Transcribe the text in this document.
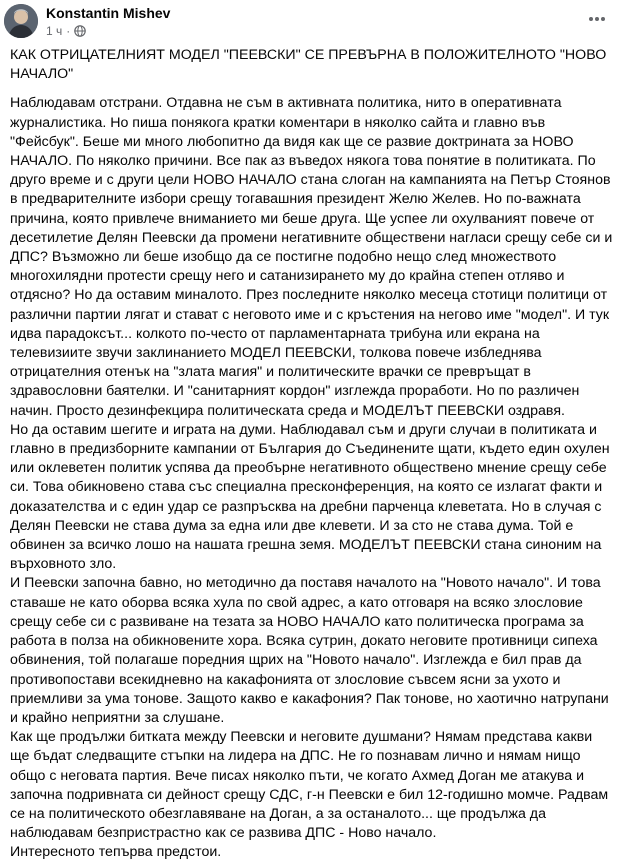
Konstantin Mishev
1 ч ·

КАК ОТРИЦАТЕЛНИЯТ МОДЕЛ "ПЕЕВСКИ" СЕ ПРЕВЪРНА В ПОЛОЖИТЕЛНОТО "НОВО НАЧАЛО"

Наблюдавам отстрани. Отдавна не съм в активната политика, нито в оперативната журналистика. Но пиша понякога кратки коментари в няколко сайта и главно във "Фейсбук". Беше ми много любопитно да видя как ще се развие доктрината за НОВО НАЧАЛО. По няколко причини. Все пак аз въведох някога това понятие в политиката. По друго време и с други цели НОВО НАЧАЛО стана слоган на кампанията на Петър Стоянов в предварителните избори срещу тогавашния президент Желю Желев. Но по-важната причина, която привлече вниманието ми беше друга. Ще успее ли охулваният повече от десетилетие Делян Пеевски да промени негативните обществени нагласи срещу себе си и ДПС? Възможно ли беше изобщо да се постигне подобно нещо след множеството многохилядни протести срещу него и сатанизирането му до крайна степен отляво и отдясно? Но да оставим миналото. През последните няколко месеца стотици политици от различни партии лягат и стават с неговото име и с кръстения на негово име "модел". И тук идва парадоксът... колкото по-често от парламентарната трибуна или екрана на телевизиите звучи заклинанието МОДЕЛ ПЕЕВСКИ, толкова повече избледнява отрицателния отенък на "злата магия" и политическите врачки се превръщат в здравословни баятелки. И "санитарният кордон" изглежда проработи. Но по различен начин. Просто дезинфекцира политическата среда и МОДЕЛЪТ ПЕЕВСКИ оздравя.

Но да оставим шегите и играта на думи. Наблюдавал съм и други случаи в политиката и главно в предизборните кампании от България до Съединените щати, където един охулен или оклеветен политик успява да преобърне негативното обществено мнение срещу себе си. Това обикновено става със специална пресконференция, на която се излагат факти и доказателства и с един удар се разпръсква на дребни парченца клеветата. Но в случая с Делян Пеевски не става дума за една или две клевети. И за сто не става дума. Той е обвинен за всичко лошо на нашата грешна земя. МОДЕЛЪТ ПЕЕВСКИ стана синоним на върховното зло.

И Пеевски започна бавно, но методично да поставя началото на "Новото начало". И това ставаше не като оборва всяка хула по свой адрес, а като отговаря на всяко злословие срещу себе си с развиване на тезата за НОВО НАЧАЛО като политическа програма за работа в полза на обикновените хора. Всяка сутрин, докато неговите противници сипеха обвинения, той полагаше поредния щрих на "Новото начало". Изглежда е бил прав да противопостави всекидневно на какафонията от злословие съвсем ясни за ухото и приемливи за ума тонове. Защото какво е какафония? Пак тонове, но хаотично натрупани и крайно неприятни за слушане.

Как ще продължи битката между Пеевски и неговите душмани? Нямам представа какви ще бъдат следващите стъпки на лидера на ДПС. Не го познавам лично и нямам нищо общо с неговата партия. Вече писах няколко пъти, че когато Ахмед Доган ме атакува и започна подривната си дейност срещу СДС, г-н Пеевски е бил 12-годишно момче. Радвам се на политическото обезглавяване на Доган, а за останалото... ще продължа да наблюдавам безпристрастно как се развива ДПС - Ново начало.

Интересното тепърва предстои.
